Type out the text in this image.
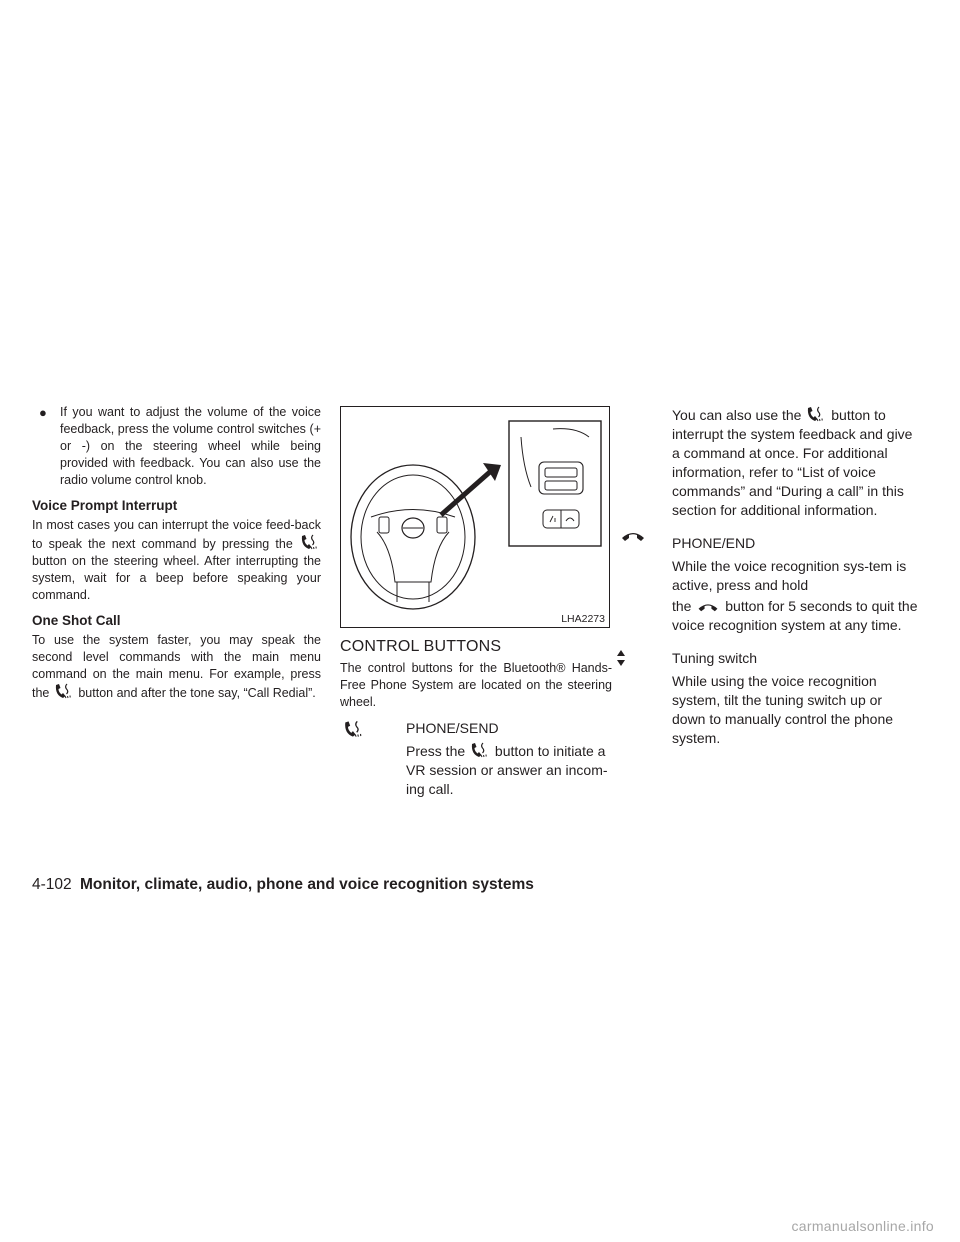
● If you want to adjust the volume of the voice feedback, press the volume control switches (+ or -) on the steering wheel while being provided with feedback. You can also use the radio volume control knob.
Voice Prompt Interrupt

In most cases you can interrupt the voice feed-back to speak the next command by pressing the  button on the steering wheel. After interrupting the system, wait for a beep before speaking your command.

One Shot Call

To use the system faster, you may speak the second level commands with the main menu command on the main menu. For example, press the button and after the tone say, “Call Redial”.

LHA2273
CONTROL BUTTONS

The control buttons for the Bluetooth® Hands-Free Phone System are located on the steering wheel.

PHONE/SEND

Press the button to initiate a VR session or answer an incom-ing call.

You can also use the button to interrupt the system feedback and give a command at once. For additional information, refer to “List of voice commands” and “During a call” in this section for additional information.

PHONE/END

While the voice recognition sys-tem is active, press and hold

the button for 5 seconds to quit the voice recognition system at any time.

Tuning switch

While using the voice recognition system, tilt the tuning switch up or down to manually control the phone system.

4-102 Monitor, climate, audio, phone and voice recognition systems
carmanualsonline.info
